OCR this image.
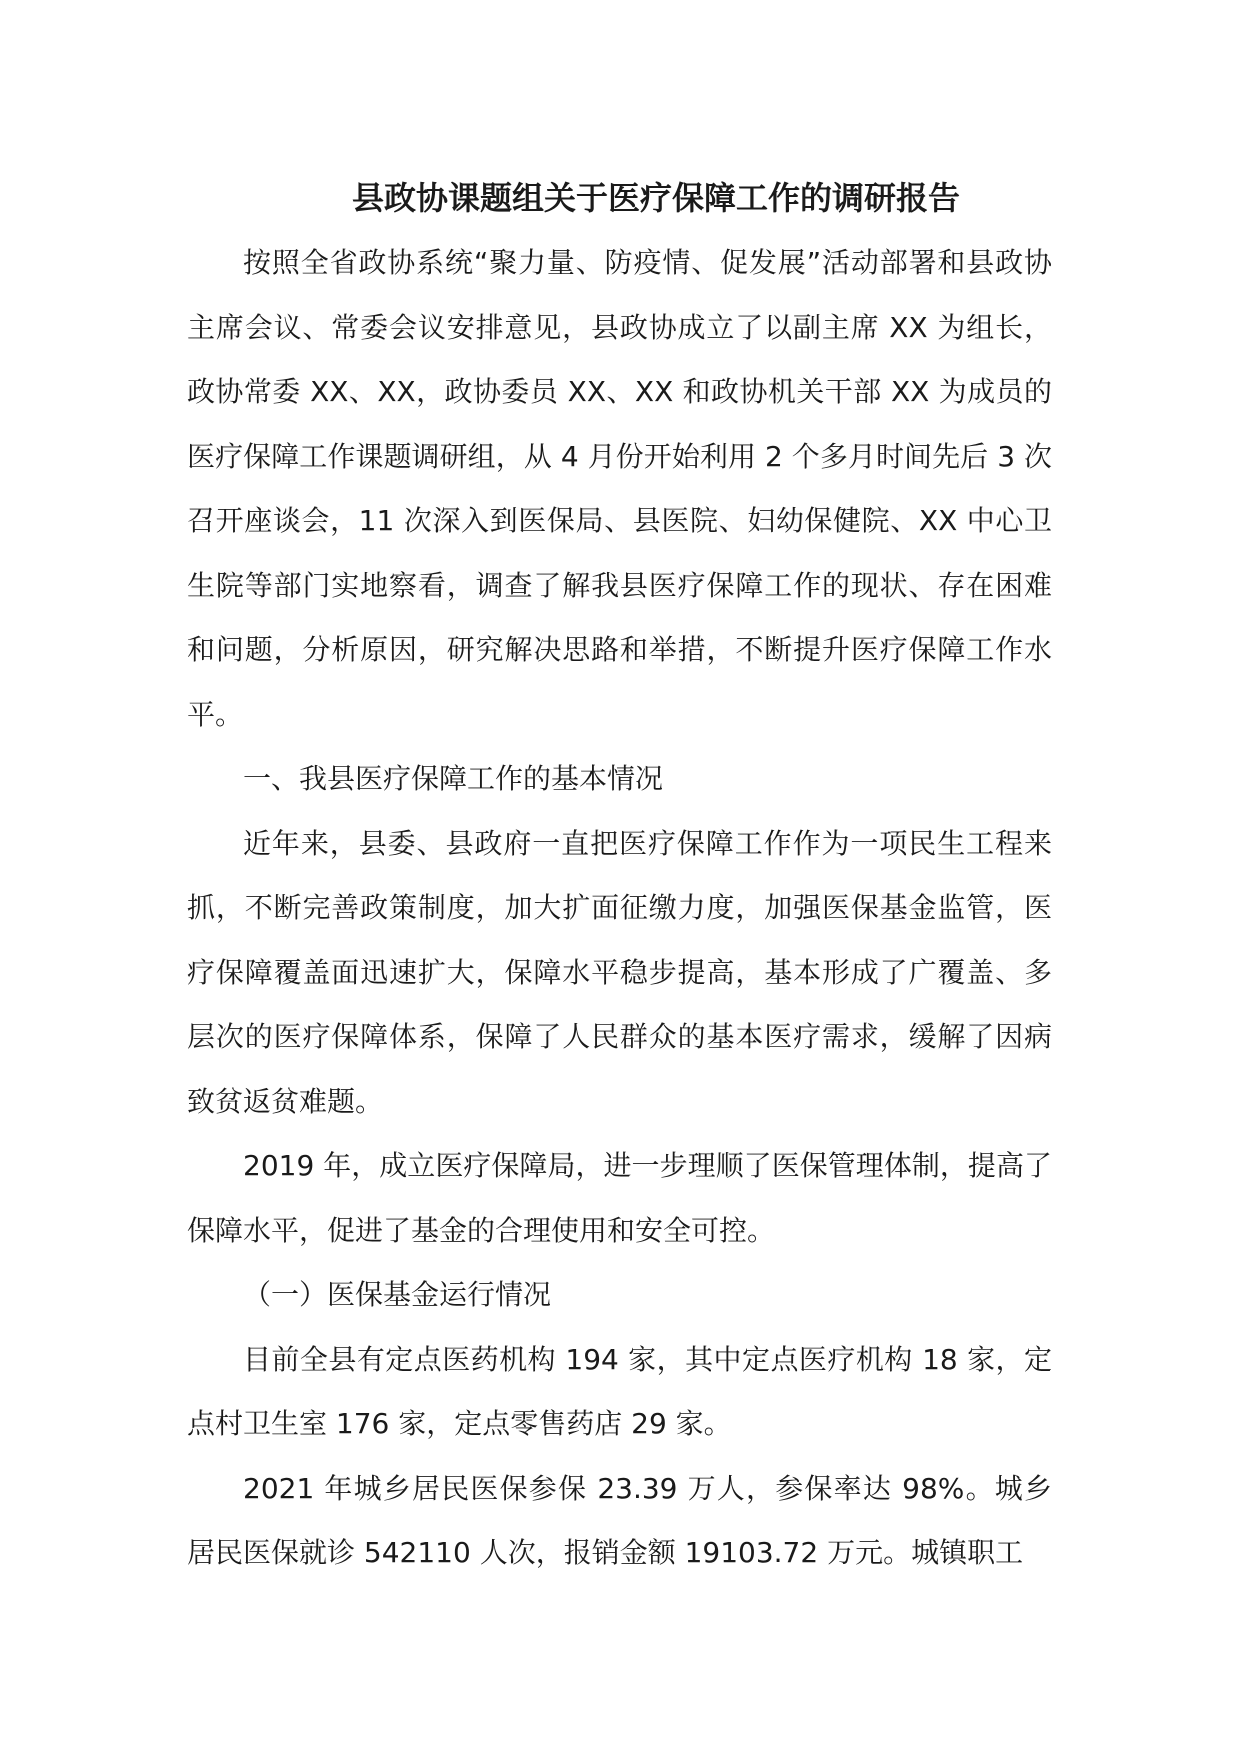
县政协课题组关于医疗保障工作的调研报告

按照全省政协系统“聚力量、防疫情、促发展”活动部署和县政协主席会议、常委会议安排意见，县政协成立了以副主席 XX 为组长，政协常委 XX、XX，政协委员 XX、XX 和政协机关干部 XX 为成员的医疗保障工作课题调研组，从 4 月份开始利用 2 个多月时间先后 3 次召开座谈会，11 次深入到医保局、县医院、妇幼保健院、XX 中心卫生院等部门实地察看，调查了解我县医疗保障工作的现状、存在困难和问题，分析原因，研究解决思路和举措，不断提升医疗保障工作水平。

一、我县医疗保障工作的基本情况

近年来，县委、县政府一直把医疗保障工作作为一项民生工程来抓，不断完善政策制度，加大扩面征缴力度，加强医保基金监管，医疗保障覆盖面迅速扩大，保障水平稳步提高，基本形成了广覆盖、多层次的医疗保障体系，保障了人民群众的基本医疗需求，缓解了因病致贫返贫难题。

2019 年，成立医疗保障局，进一步理顺了医保管理体制，提高了保障水平，促进了基金的合理使用和安全可控。

（一）医保基金运行情况

目前全县有定点医药机构 194 家，其中定点医疗机构 18 家，定点村卫生室 176 家，定点零售药店 29 家。

2021 年城乡居民医保参保 23.39 万人，参保率达 98%。城乡居民医保就诊 542110 人次，报销金额 19103.72 万元。城镇职工
